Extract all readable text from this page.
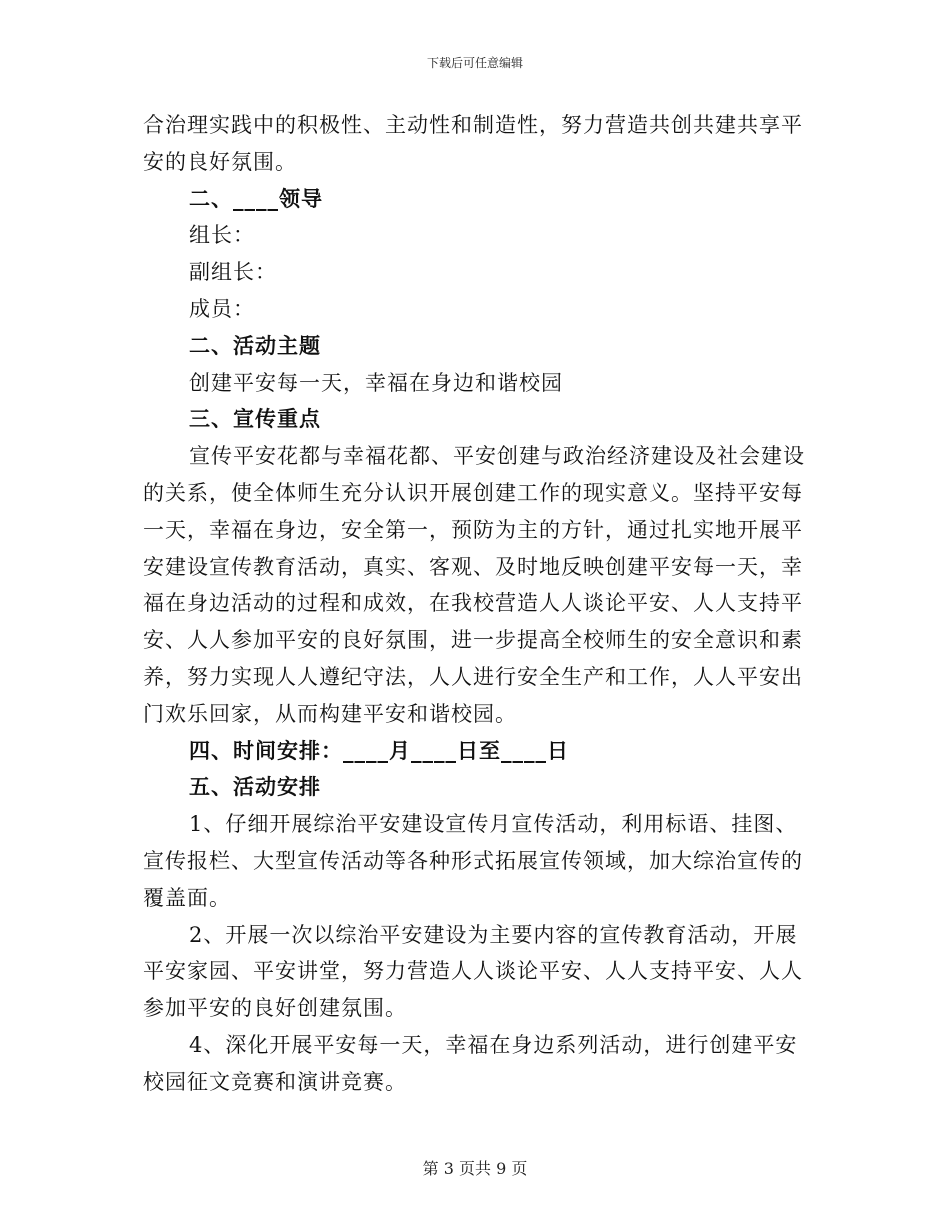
下载后可任意编辑

合治理实践中的积极性、主动性和制造性，努力营造共创共建共享平安的良好氛围。

二、____领导

组长：

副组长：

成员：

二、活动主题

创建平安每一天，幸福在身边和谐校园

三、宣传重点

宣传平安花都与幸福花都、平安创建与政治经济建设及社会建设的关系，使全体师生充分认识开展创建工作的现实意义。坚持平安每一天，幸福在身边，安全第一，预防为主的方针，通过扎实地开展平安建设宣传教育活动，真实、客观、及时地反映创建平安每一天，幸福在身边活动的过程和成效，在我校营造人人谈论平安、人人支持平安、人人参加平安的良好氛围，进一步提高全校师生的安全意识和素养，努力实现人人遵纪守法，人人进行安全生产和工作，人人平安出门欢乐回家，从而构建平安和谐校园。

四、时间安排：____月____日至____日

五、活动安排

1、仔细开展综治平安建设宣传月宣传活动，利用标语、挂图、宣传报栏、大型宣传活动等各种形式拓展宣传领域，加大综治宣传的覆盖面。

2、开展一次以综治平安建设为主要内容的宣传教育活动，开展平安家园、平安讲堂，努力营造人人谈论平安、人人支持平安、人人参加平安的良好创建氛围。

4、深化开展平安每一天，幸福在身边系列活动，进行创建平安校园征文竞赛和演讲竞赛。

第 3 页共 9 页
